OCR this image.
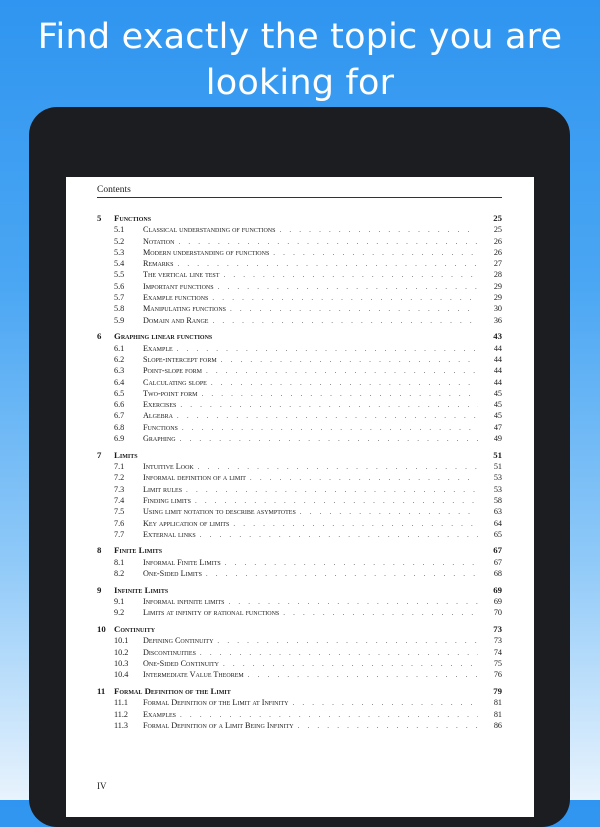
Find exactly the topic you are looking for
Contents
5	Functions	25
5.1	Classical understanding of functions . . .	25
5.2	Notation . . .	26
5.3	Modern understanding of functions . . .	26
5.4	Remarks . . .	27
5.5	The vertical line test . . .	28
5.6	Important functions . . .	29
5.7	Example functions . . .	29
5.8	Manipulating functions . . .	30
5.9	Domain and Range . . .	36
6	Graphing linear functions	43
6.1	Example . . .	44
6.2	Slope-intercept form . . .	44
6.3	Point-slope form . . .	44
6.4	Calculating slope . . .	44
6.5	Two-point form . . .	45
6.6	Exercises . . .	45
6.7	Algebra . . .	45
6.8	Functions . . .	47
6.9	Graphing . . .	49
7	Limits	51
7.1	Intuitive Look . . .	51
7.2	Informal definition of a limit . . .	53
7.3	Limit rules . . .	53
7.4	Finding limits . . .	58
7.5	Using limit notation to describe asymptotes . . .	63
7.6	Key application of limits . . .	64
7.7	External links . . .	65
8	Finite Limits	67
8.1	Informal Finite Limits . . .	67
8.2	One-Sided Limits . . .	68
9	Infinite Limits	69
9.1	Informal infinite limits . . .	69
9.2	Limits at infinity of rational functions . . .	70
10 Continuity	73
10.1	Defining Continuity . . .	73
10.2	Discontinuities . . .	74
10.3	One-Sided Continuity . . .	75
10.4	Intermediate Value Theorem . . .	76
11 Formal Definition of the Limit	79
11.1	Formal Definition of the Limit at Infinity . . .	81
11.2	Examples . . .	81
11.3	Formal Definition of a Limit Being Infinity . . .	86
IV
